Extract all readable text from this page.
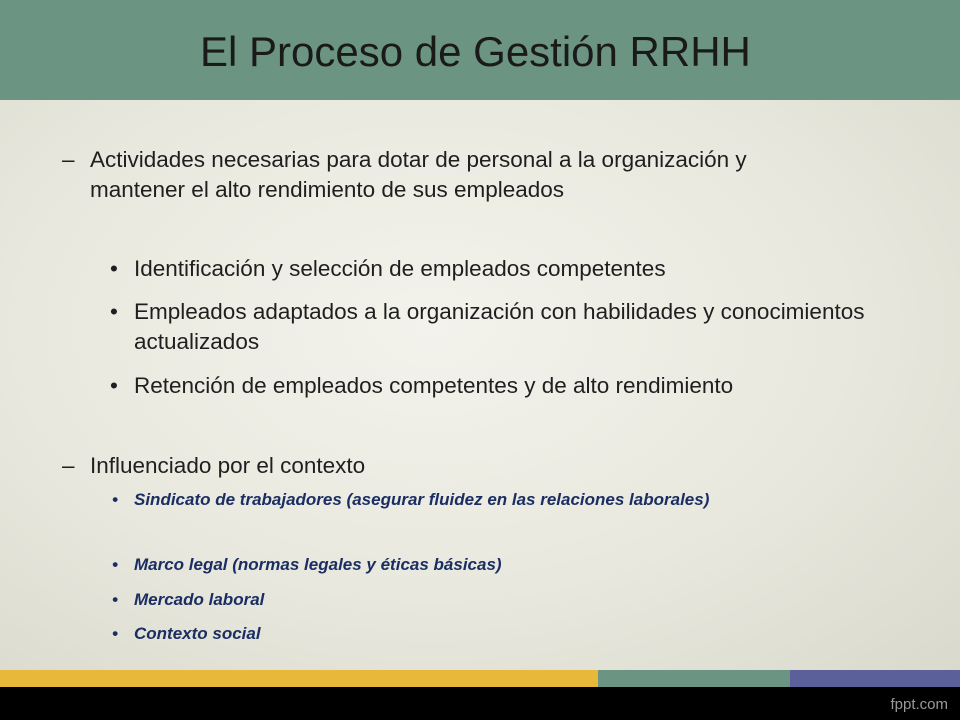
El Proceso de Gestión RRHH
– Actividades necesarias para dotar de personal a la organización y mantener el alto rendimiento de sus empleados
• Identificación y selección de empleados competentes
• Empleados adaptados a la organización con habilidades y conocimientos actualizados
• Retención de empleados competentes y de alto rendimiento
– Influenciado por el contexto
• Sindicato de trabajadores (asegurar fluidez en las relaciones laborales)
• Marco legal (normas legales y éticas básicas)
• Mercado laboral
• Contexto social
fppt.com
